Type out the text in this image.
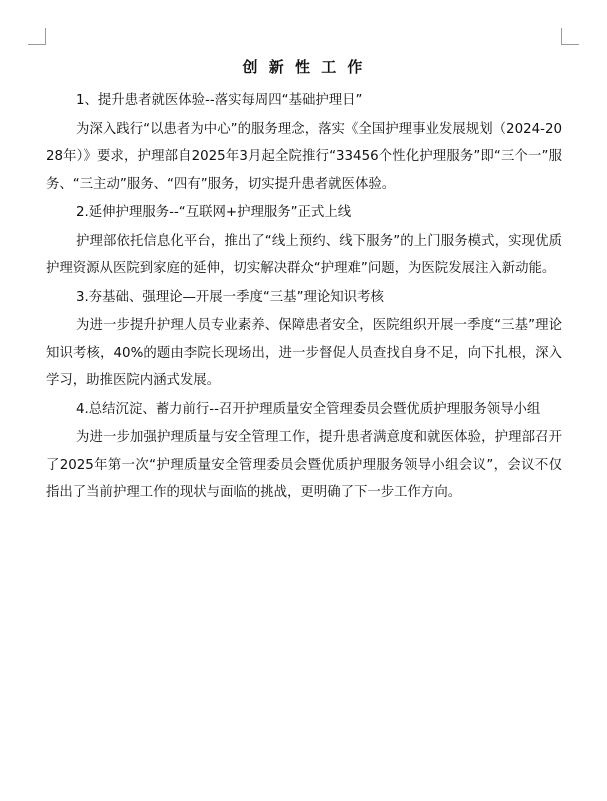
创 新 性 工 作
1、提升患者就医体验--落实每周四“基础护理日”
为深入践行“以患者为中心”的服务理念，落实《全国护理事业发展规划（2024-2028年）》要求，护理部自2025年3月起全院推行“33456个性化护理服务”即“三个一”服务、“三主动”服务、“四有”服务，切实提升患者就医体验。
2.延伸护理服务--“互联网+护理服务”正式上线
护理部依托信息化平台，推出了“线上预约、线下服务”的上门服务模式，实现优质护理资源从医院到家庭的延伸，切实解决群众“护理难”问题，为医院发展注入新动能。
3.夯基础、强理论—开展一季度“三基”理论知识考核
为进一步提升护理人员专业素养、保障患者安全，医院组织开展一季度“三基”理论知识考核，40%的题由李院长现场出，进一步督促人员查找自身不足，向下扎根，深入学习，助推医院内涵式发展。
4.总结沉淀、蓄力前行--召开护理质量安全管理委员会暨优质护理服务领导小组
为进一步加强护理质量与安全管理工作，提升患者满意度和就医体验，护理部召开了2025年第一次“护理质量安全管理委员会暨优质护理服务领导小组会议”，会议不仅指出了当前护理工作的现状与面临的挑战，更明确了下一步工作方向。
